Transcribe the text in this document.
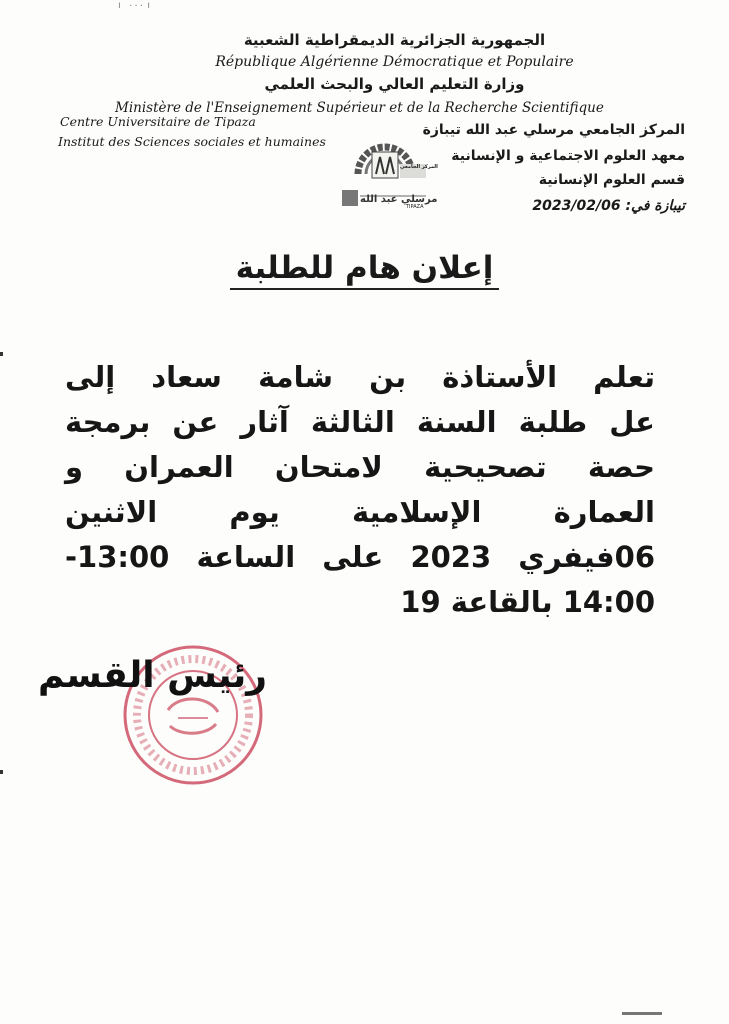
ı ٠٠٠ ı
الجمهورية الجزائرية الديمقراطية الشعبية
République Algérienne Démocratique et Populaire
وزارة التعليم العالي والبحث العلمي
Ministère de l'Enseignement Supérieur et de la Recherche Scientifique
Centre Universitaire de Tipaza
Institut des Sciences sociales et humaines
المركز الجامعي مرسلي عبد الله تيبازة
معهد العلوم الاجتماعية و الإنسانية
قسم العلوم الإنسانية
تيبازة في: 2023/02/06
المركز الجامعي
مرسلي عبد الله
TIPAZA
إعلان هام للطلبة
تعلم الأستاذة بن شامة سعاد إلى
عل طلبة السنة الثالثة آثار عن برمجة
حصة تصحيحية لامتحان العمران و
العمارة الإسلامية يوم الاثنين
06فيفري 2023 على الساعة 13:00-
14:00 بالقاعة 19
رئيس القسم
